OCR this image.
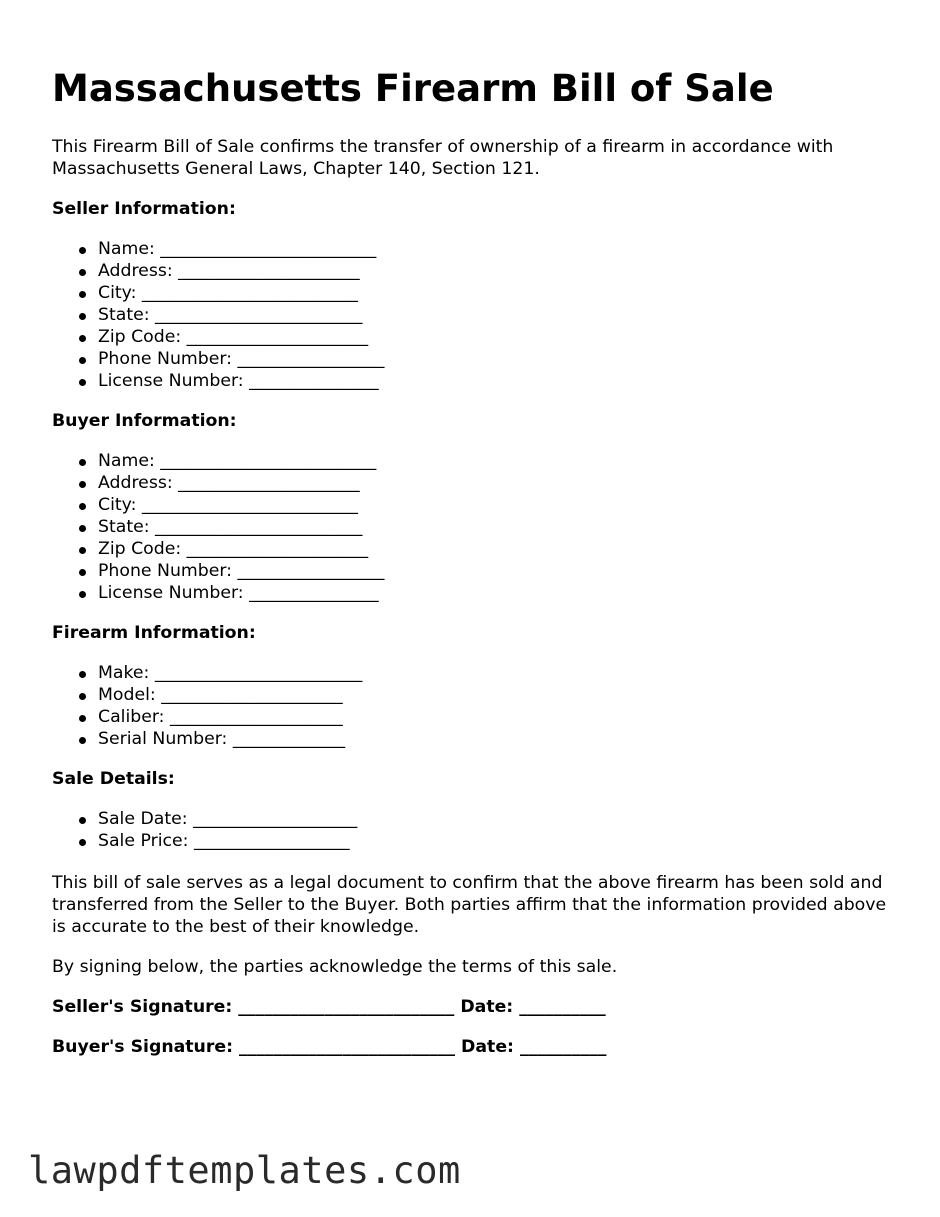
Massachusetts Firearm Bill of Sale

This Firearm Bill of Sale confirms the transfer of ownership of a firearm in accordance with Massachusetts General Laws, Chapter 140, Section 121.

Seller Information:

Name: _________________________
Address: _____________________
City: _________________________
State: ________________________
Zip Code: _____________________
Phone Number: _________________
License Number: _______________

Buyer Information:

Name: _________________________
Address: _____________________
City: _________________________
State: ________________________
Zip Code: _____________________
Phone Number: _________________
License Number: _______________

Firearm Information:

Make: ________________________
Model: _____________________
Caliber: ____________________
Serial Number: _____________

Sale Details:

Sale Date: ___________________
Sale Price: __________________

This bill of sale serves as a legal document to confirm that the above firearm has been sold and transferred from the Seller to the Buyer. Both parties affirm that the information provided above is accurate to the best of their knowledge.

By signing below, the parties acknowledge the terms of this sale.

Seller's Signature: _________________________ Date: __________

Buyer's Signature: _________________________ Date: __________

lawpdftemplates.com
